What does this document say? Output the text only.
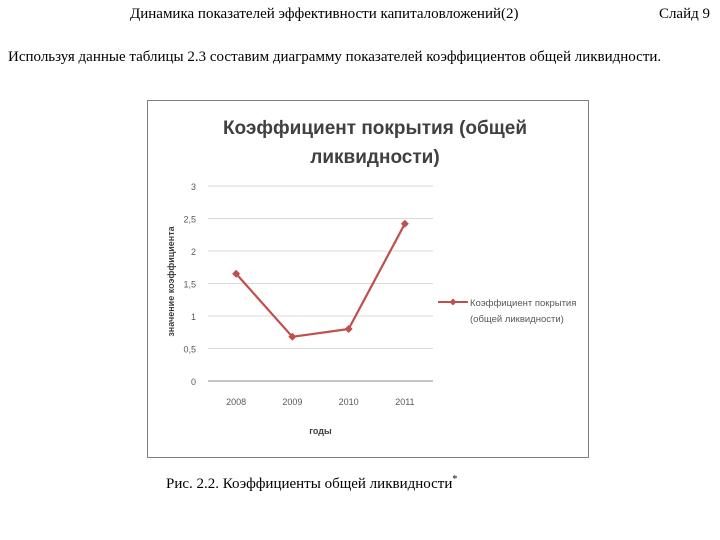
Динамика показателей эффективности капиталовложений(2)	Слайд 9
Используя данные таблицы 2.3 составим диаграмму показателей коэффициентов общей ликвидности.
Коэффициент покрытия (общей
ликвидности)
0
0,5
1
1,5
2
2,5
3
2008	2009	2010	2011
годы
значение коэффициента	Коэффициент покрытия
(общей ликвидности)
Рис. 2.2. Коэффициенты общей ликвидности*
